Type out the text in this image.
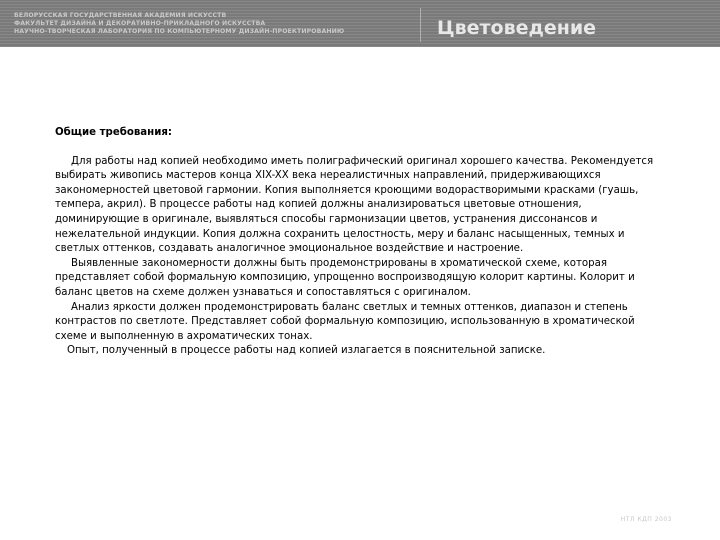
БЕЛОРУССКАЯ ГОСУДАРСТВЕННАЯ АКАДЕМИЯ ИСКУССТВ
ФАКУЛЬТЕТ ДИЗАЙНА И ДЕКОРАТИВНО-ПРИКЛАДНОГО ИСКУССТВА
НАУЧНО-ТВОРЧЕСКАЯ ЛАБОРАТОРИЯ ПО КОМПЬЮТЕРНОМУ ДИЗАЙН-ПРОЕКТИРОВАНИЮ	Цветоведение
Общие требования:

Для работы над копией необходимо иметь полиграфический оригинал хорошего качества. Рекомендуется выбирать живопись мастеров конца XIX-XX века нереалистичных направлений, придерживающихся закономерностей цветовой гармонии. Копия выполняется кроющими водорастворимыми красками (гуашь, темпера, акрил). В процессе работы над копией должны анализироваться цветовые отношения, доминирующие в оригинале, выявляться способы гармонизации цветов, устранения диссонансов и нежелательной индукции. Копия должна сохранить целостность, меру и баланс насыщенных, темных и светлых оттенков, создавать аналогичное эмоциональное воздействие и настроение.

Выявленные закономерности должны быть продемонстрированы в хроматической схеме, которая представляет собой формальную композицию, упрощенно воспроизводящую колорит картины. Колорит и баланс цветов на схеме должен узнаваться и сопоставляться с оригиналом.

Анализ яркости должен продемонстрировать баланс светлых и темных оттенков, диапазон и степень контрастов по светлоте. Представляет собой формальную композицию, использованную в хроматической схеме и выполненную в ахроматических тонах.

Опыт, полученный в процессе работы над копией излагается в пояснительной записке.

НТЛ КДП 2003
